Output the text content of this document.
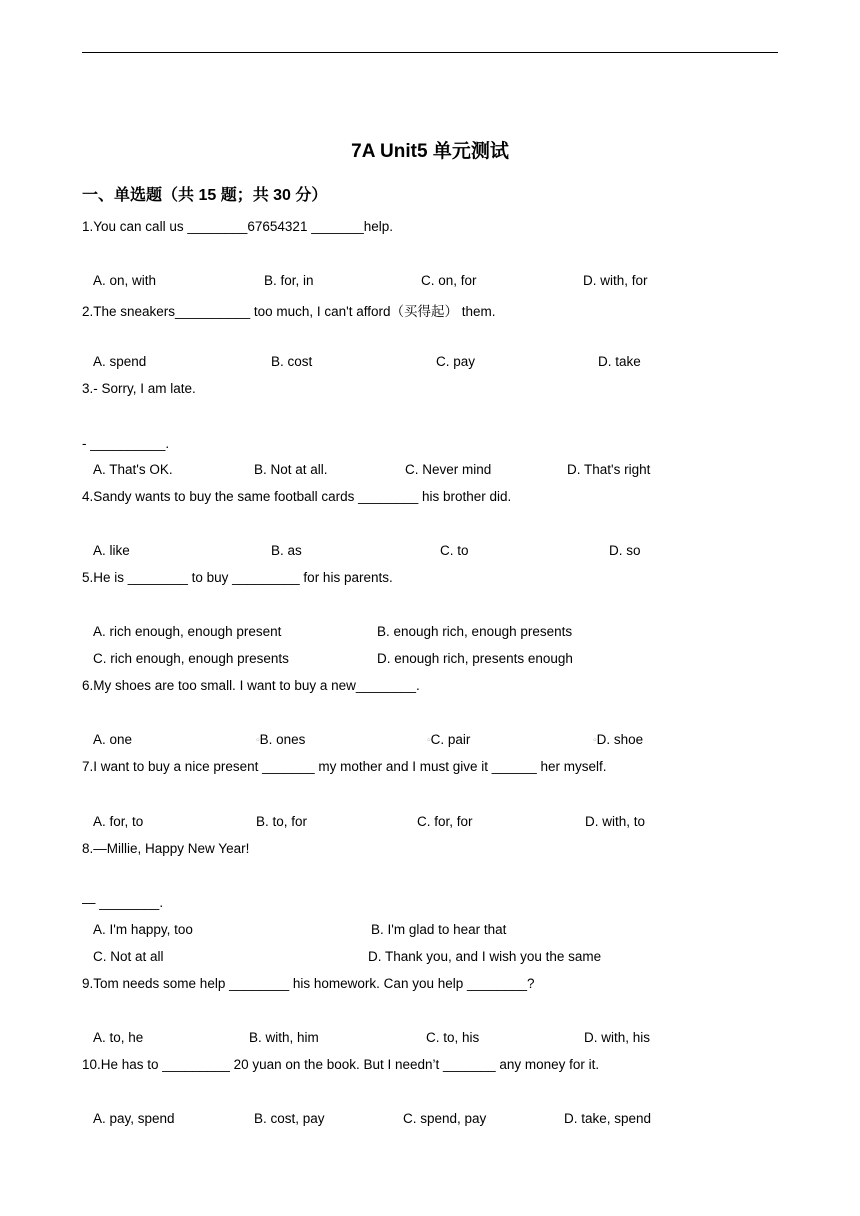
7A Unit5 单元测试
一、单选题（共 15 题；共 30 分）
1.You can call us ________67654321 _______help.
A. on, with	B. for, in	C. on, for	D. with, for
2.The sneakers__________ too much, I can't afford（买得起） them.
A. spend	B. cost	C. pay	D. take
3.- Sorry, I am late.
- __________.
A. That's OK.	B. Not at all.	C. Never mind	D. That's right
4.Sandy wants to buy the same football cards ________ his brother did.
A. like	B. as	C. to	D. so
5.He is ________ to buy _________ for his parents.
A. rich enough, enough present	B. enough rich, enough presents
C. rich enough, enough presents	D. enough rich, presents enough
6.My shoes are too small. I want to buy a new________.
A. one	○B. ones	○C. pair	○D. shoe
7.I want to buy a nice present _______ my mother and I must give it ______ her myself.
A. for, to	B. to, for	C. for, for	D. with, to
8.—Millie, Happy New Year!
— ________.
A. I'm happy, too	B. I'm glad to hear that
C. Not at all	D. Thank you, and I wish you the same
9.Tom needs some help ________ his homework. Can you help ________?
A. to, he	B. with, him	C. to, his	D. with, his
10.He has to _________ 20 yuan on the book. But I needn’t _______ any money for it.
A. pay, spend	B. cost, pay	C. spend, pay	D. take, spend
